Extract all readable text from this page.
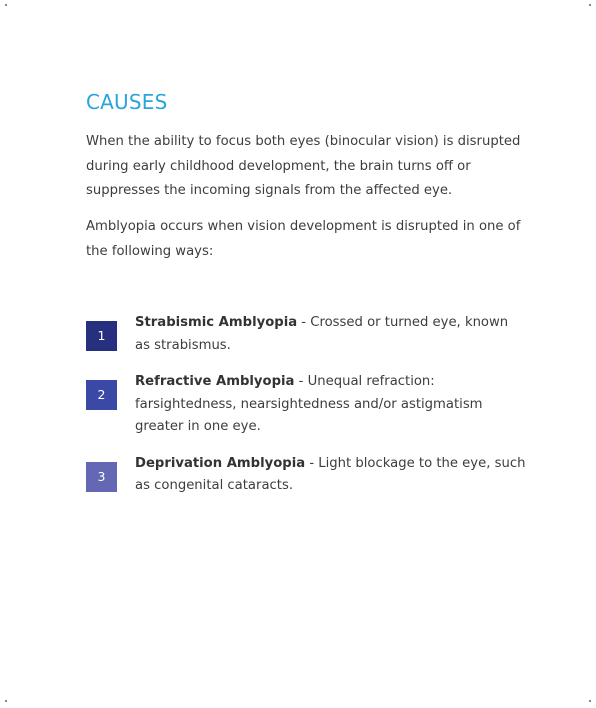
CAUSES

When the ability to focus both eyes (binocular vision) is disrupted during early childhood development, the brain turns off or suppresses the incoming signals from the affected eye.

Amblyopia occurs when vision development is disrupted in one of the following ways:

1
Strabismic Amblyopia - Crossed or turned eye, known as strabismus.
2
Refractive Amblyopia - Unequal refraction: farsightedness, nearsightedness and/or astigmatism greater in one eye.
3
Deprivation Amblyopia - Light blockage to the eye, such as congenital cataracts.
